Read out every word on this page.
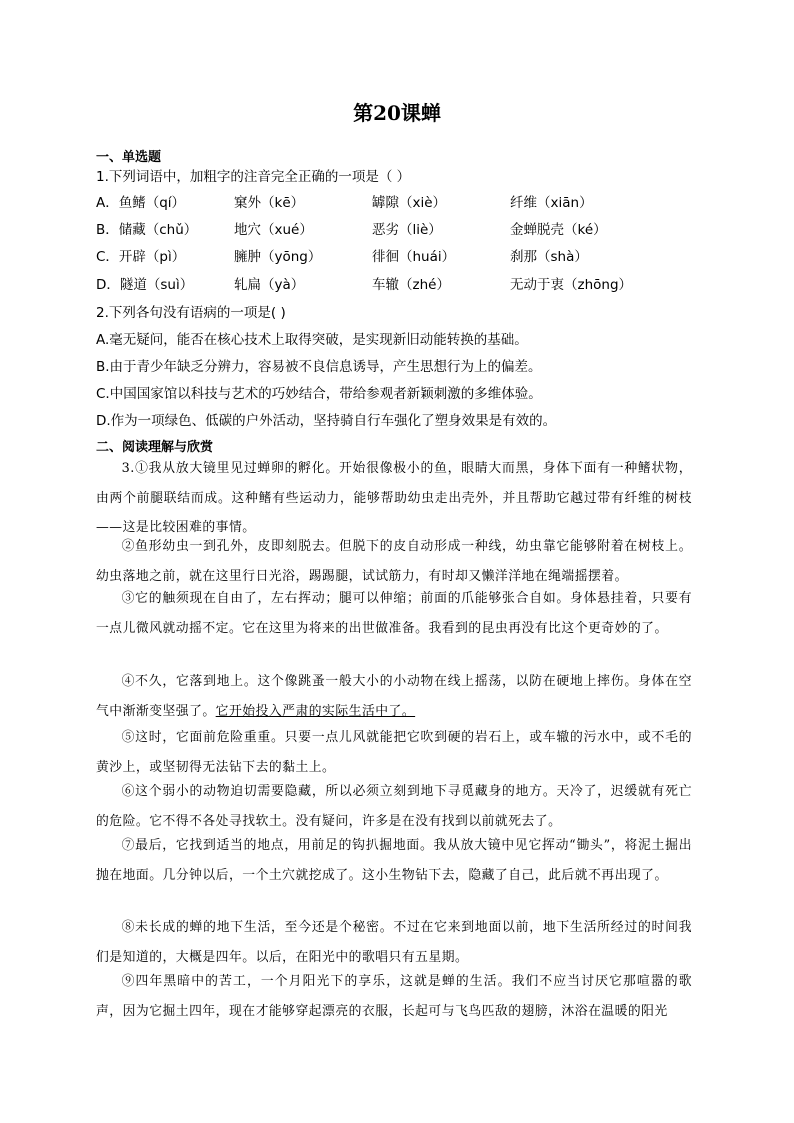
第20课蝉
一、单选题
1.下列词语中，加粗字的注音完全正确的一项是（ ）
A．鱼鳍（qí）	窠外（kē）	罅隙（xiè）	纤维（xiān）
B．储藏（chǔ）	地穴（xué）	恶劣（liè）	金蝉脱壳（ké）
C．开辟（pì）	臃肿（yōng）	徘徊（huái）	刹那（shà）
D．隧道（suì）	轧扁（yà）	车辙（zhé）	无动于衷（zhōng）
2.下列各句没有语病的一项是( )
A.毫无疑问，能否在核心技术上取得突破，是实现新旧动能转换的基础。
B.由于青少年缺乏分辨力，容易被不良信息诱导，产生思想行为上的偏差。
C.中国国家馆以科技与艺术的巧妙结合，带给参观者新颖刺激的多维体验。
D.作为一项绿色、低碳的户外活动，坚持骑自行车强化了塑身效果是有效的。
二、阅读理解与欣赏

3.①我从放大镜里见过蝉卵的孵化。开始很像极小的鱼，眼睛大而黑，身体下面有一种鳍状物，由两个前腿联结而成。这种鳍有些运动力，能够帮助幼虫走出壳外，并且帮助它越过带有纤维的树枝——这是比较困难的事情。

②鱼形幼虫一到孔外，皮即刻脱去。但脱下的皮自动形成一种线，幼虫靠它能够附着在树枝上。幼虫落地之前，就在这里行日光浴，踢踢腿，试试筋力，有时却又懒洋洋地在绳端摇摆着。

③它的触须现在自由了，左右挥动；腿可以伸缩；前面的爪能够张合自如。身体悬挂着，只要有一点儿微风就动摇不定。它在这里为将来的出世做准备。我看到的昆虫再没有比这个更奇妙的了。

④不久，它落到地上。这个像跳蚤一般大小的小动物在线上摇荡，以防在硬地上摔伤。身体在空气中渐渐变坚强了。它开始投入严肃的实际生活中了。

⑤这时，它面前危险重重。只要一点儿风就能把它吹到硬的岩石上，或车辙的污水中，或不毛的黄沙上，或坚韧得无法钻下去的黏土上。

⑥这个弱小的动物迫切需要隐藏，所以必须立刻到地下寻觅藏身的地方。天冷了，迟缓就有死亡的危险。它不得不各处寻找软土。没有疑问，许多是在没有找到以前就死去了。

⑦最后，它找到适当的地点，用前足的钩扒掘地面。我从放大镜中见它挥动“锄头”，将泥土掘出抛在地面。几分钟以后，一个土穴就挖成了。这小生物钻下去，隐藏了自己，此后就不再出现了。

⑧未长成的蝉的地下生活，至今还是个秘密。不过在它来到地面以前，地下生活所经过的时间我们是知道的，大概是四年。以后，在阳光中的歌唱只有五星期。

⑨四年黑暗中的苦工，一个月阳光下的享乐，这就是蝉的生活。我们不应当讨厌它那喧嚣的歌声，因为它掘土四年，现在才能够穿起漂亮的衣服，长起可与飞鸟匹敌的翅膀，沐浴在温暖的阳光
